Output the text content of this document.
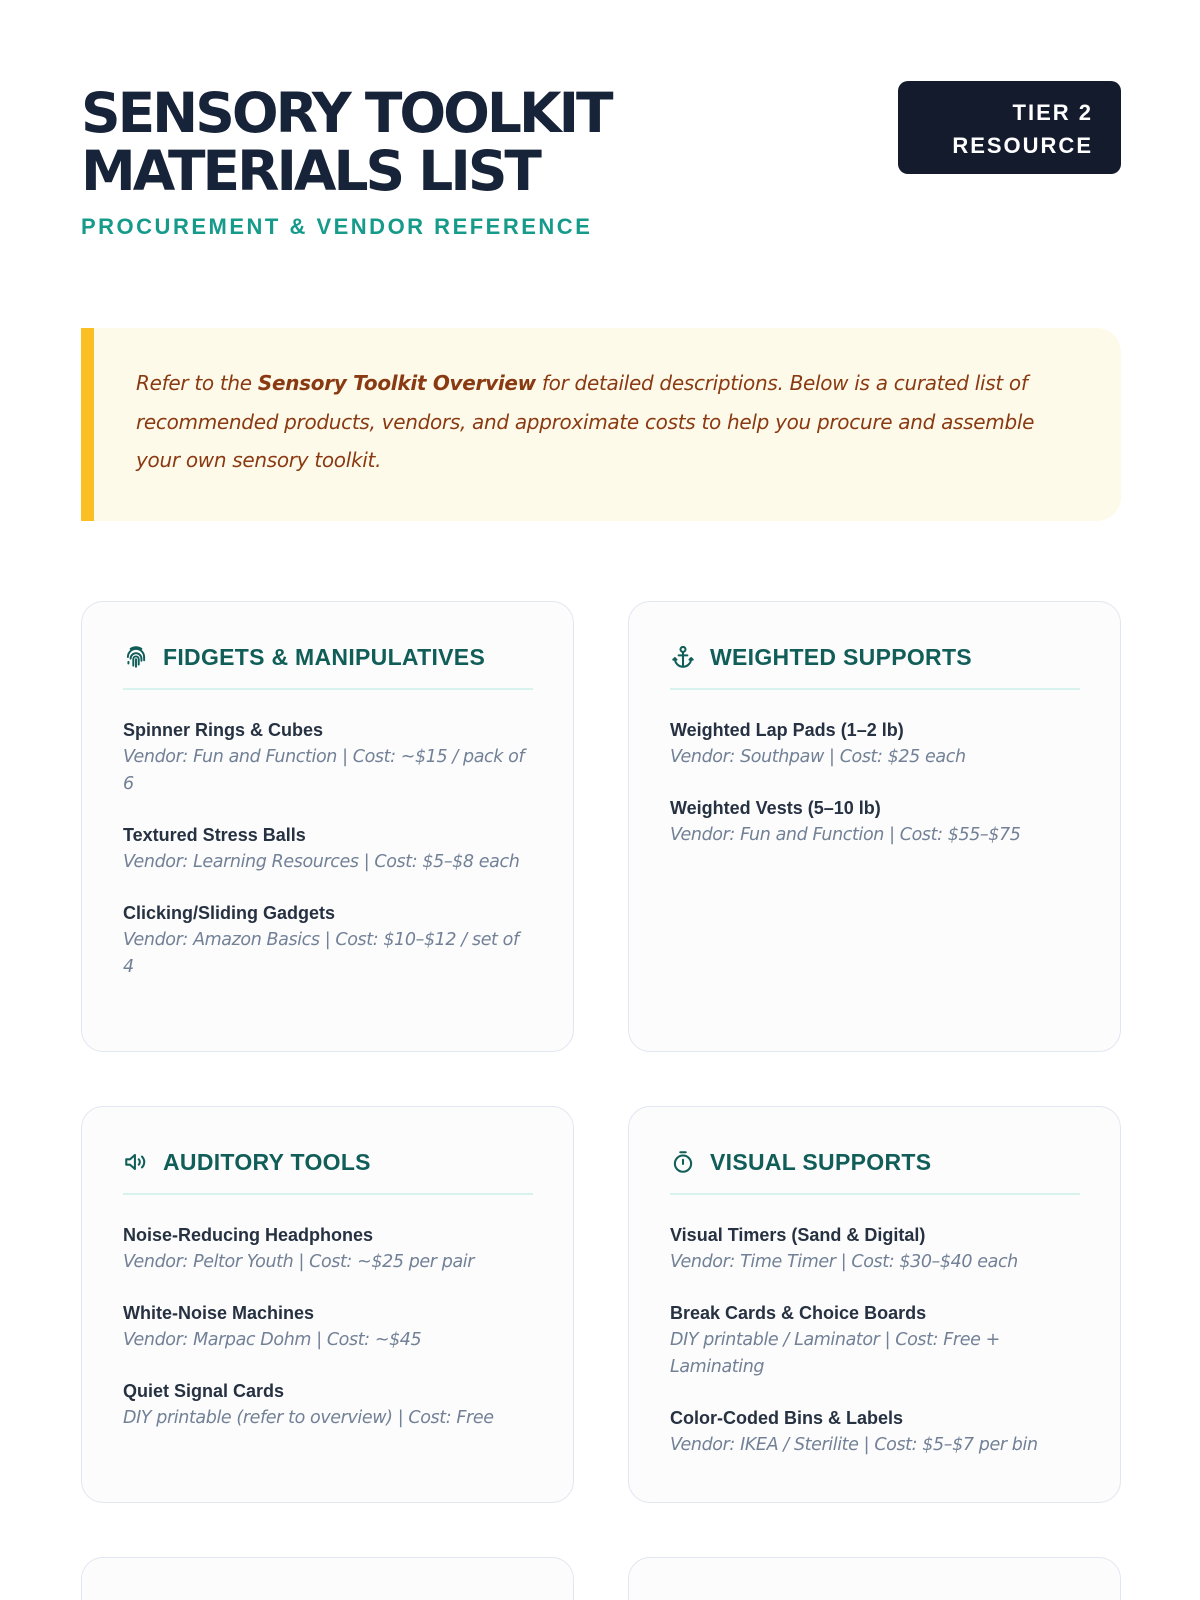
SENSORY TOOLKIT
MATERIALS LIST
PROCUREMENT & VENDOR REFERENCE
TIER 2
RESOURCE

Refer to the Sensory Toolkit Overview for detailed descriptions. Below is a curated list of recommended products, vendors, and approximate costs to help you procure and assemble your own sensory toolkit.

FIDGETS & MANIPULATIVES
Spinner Rings & Cubes
Vendor: Fun and Function | Cost: ~$15 / pack of 6
Textured Stress Balls
Vendor: Learning Resources | Cost: $5–$8 each
Clicking/Sliding Gadgets
Vendor: Amazon Basics | Cost: $10–$12 / set of 4
WEIGHTED SUPPORTS
Weighted Lap Pads (1–2 lb)
Vendor: Southpaw | Cost: $25 each
Weighted Vests (5–10 lb)
Vendor: Fun and Function | Cost: $55–$75
AUDITORY TOOLS
Noise-Reducing Headphones
Vendor: Peltor Youth | Cost: ~$25 per pair
White-Noise Machines
Vendor: Marpac Dohm | Cost: ~$45
Quiet Signal Cards
DIY printable (refer to overview) | Cost: Free
VISUAL SUPPORTS
Visual Timers (Sand & Digital)
Vendor: Time Timer | Cost: $30–$40 each
Break Cards & Choice Boards
DIY printable / Laminator | Cost: Free + Laminating
Color-Coded Bins & Labels
Vendor: IKEA / Sterilite | Cost: $5–$7 per bin
